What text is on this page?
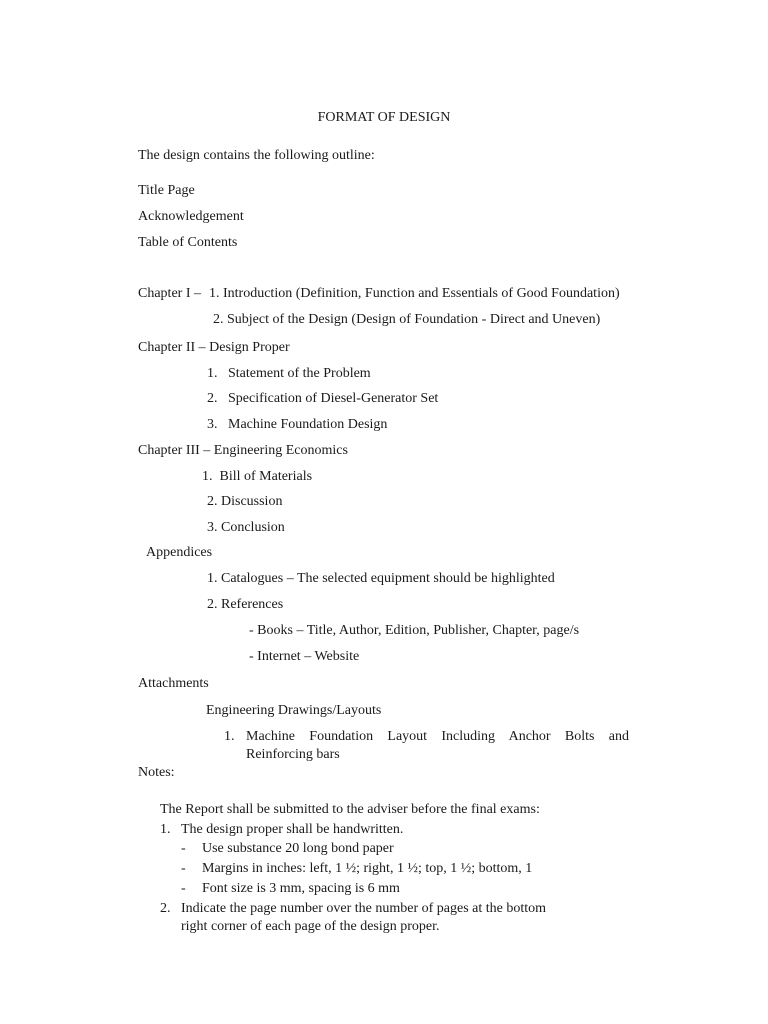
FORMAT OF DESIGN
The design contains the following outline:
Title Page
Acknowledgement
Table of Contents
Chapter I – 1. Introduction (Definition, Function and Essentials of Good Foundation)
2. Subject of the Design (Design of Foundation - Direct and Uneven)
Chapter II – Design Proper
1. Statement of the Problem
2. Specification of Diesel-Generator Set
3. Machine Foundation Design
Chapter III – Engineering Economics
1.  Bill of Materials
2. Discussion
3. Conclusion
Appendices
1. Catalogues – The selected equipment should be highlighted
2. References
- Books – Title, Author, Edition, Publisher, Chapter, page/s
- Internet – Website
Attachments
Engineering Drawings/Layouts
1. Machine Foundation Layout Including Anchor Bolts and
Reinforcing bars
Notes:
The Report shall be submitted to the adviser before the final exams:
1. The design proper shall be handwritten.
- Use substance 20 long bond paper
- Margins in inches: left, 1 ½; right, 1 ½; top, 1 ½; bottom, 1
- Font size is 3 mm, spacing is 6 mm
2. Indicate the page number over the number of pages at the bottom
right corner of each page of the design proper.
